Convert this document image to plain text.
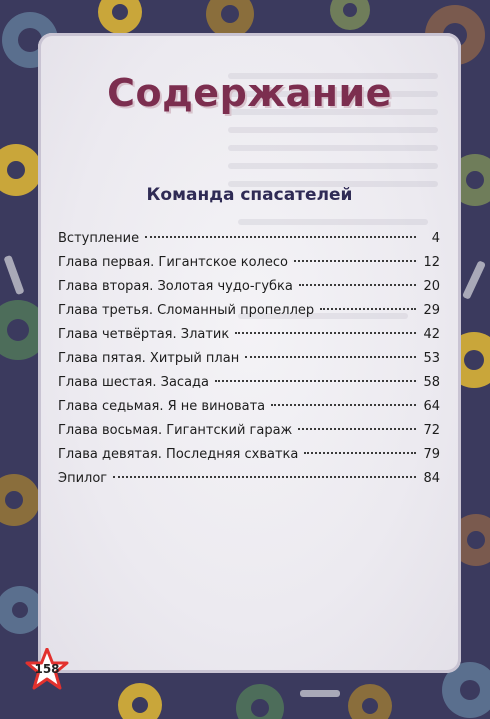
Содержание
Команда спасателей
Вступление	4
Глава первая. Гигантское колесо	12
Глава вторая. Золотая чудо-губка	20
Глава третья. Сломанный пропеллер	29
Глава четвёртая. Златик	42
Глава пятая. Хитрый план	53
Глава шестая. Засада	58
Глава седьмая. Я не виновата	64
Глава восьмая. Гигантский гараж	72
Глава девятая. Последняя схватка	79
Эпилог	84
158
